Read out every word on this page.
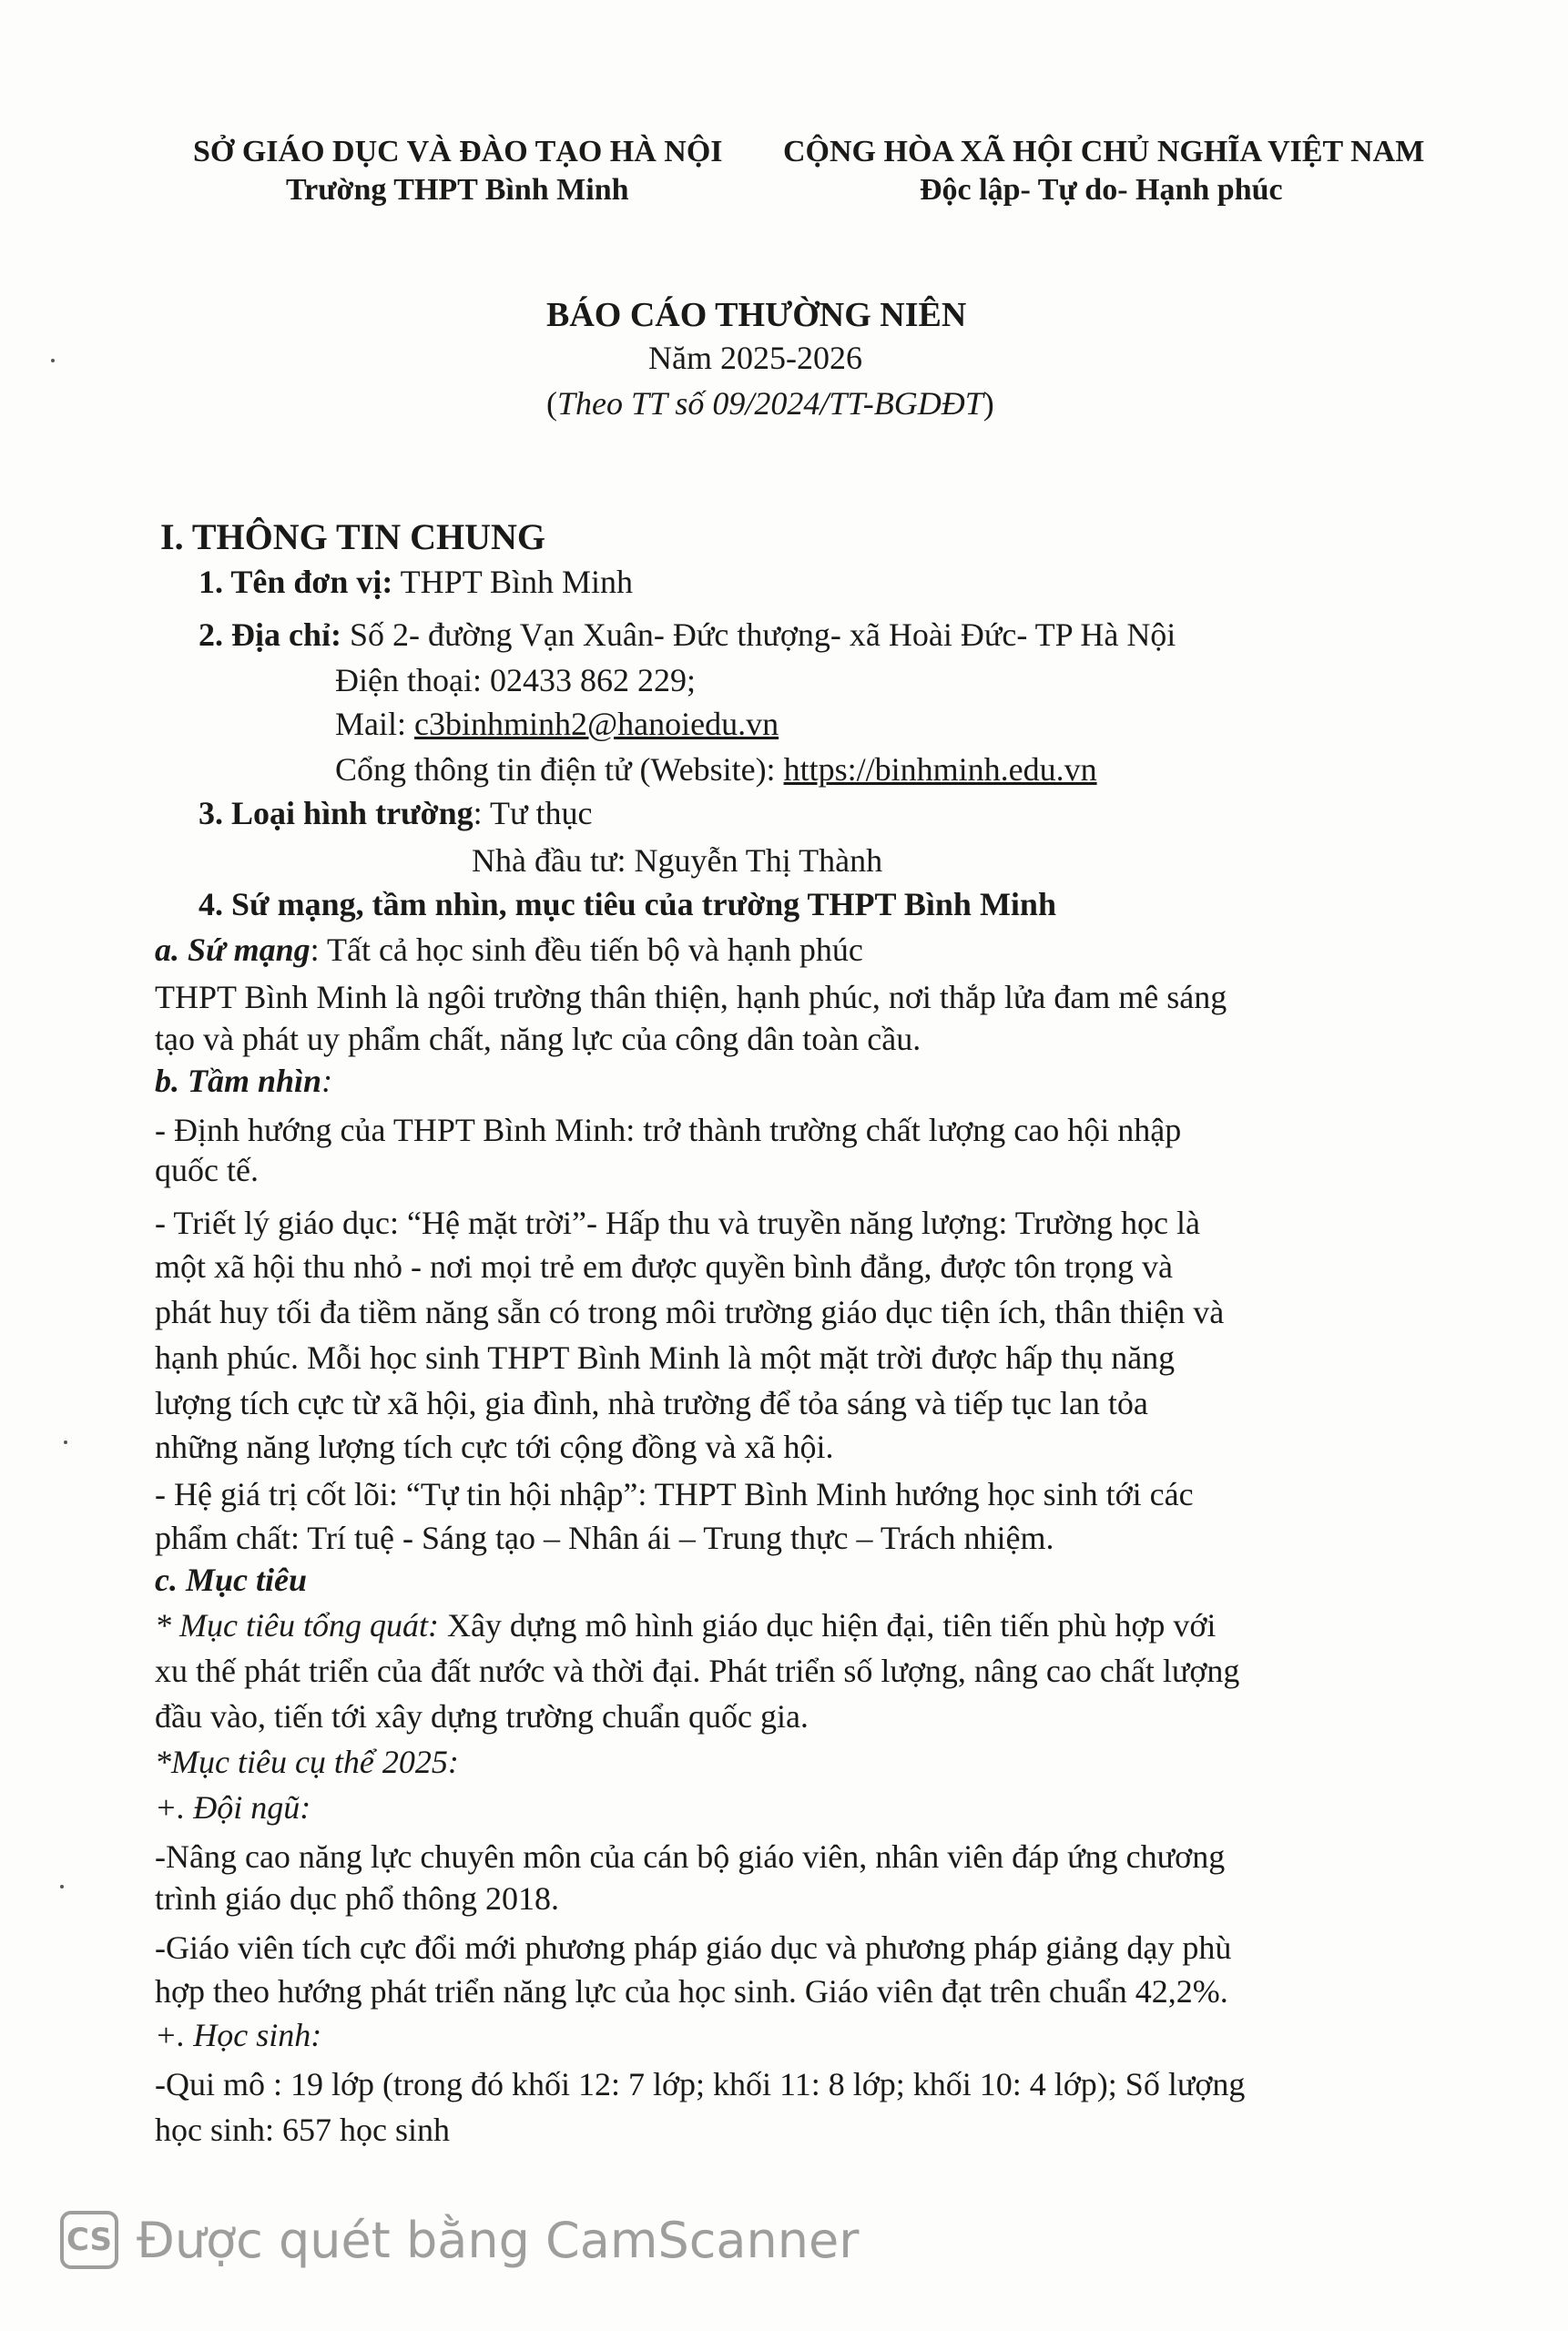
SỞ GIÁO DỤC VÀ ĐÀO TẠO HÀ NỘI
Trường THPT Bình Minh
CỘNG HÒA XÃ HỘI CHỦ NGHĨA VIỆT NAM
Độc lập- Tự do- Hạnh phúc
BÁO CÁO THƯỜNG NIÊN
Năm 2025-2026
(Theo TT số 09/2024/TT-BGDĐT)
I. THÔNG TIN CHUNG
1. Tên đơn vị: THPT Bình Minh
2. Địa chỉ: Số 2- đường Vạn Xuân- Đức thượng- xã Hoài Đức- TP Hà Nội
Điện thoại: 02433 862 229;
Mail: c3binhminh2@hanoiedu.vn
Cổng thông tin điện tử (Website): https://binhminh.edu.vn
3. Loại hình trường: Tư thục
Nhà đầu tư: Nguyễn Thị Thành
4. Sứ mạng, tầm nhìn, mục tiêu của trường THPT Bình Minh
a. Sứ mạng: Tất cả học sinh đều tiến bộ và hạnh phúc
THPT Bình Minh là ngôi trường thân thiện, hạnh phúc, nơi thắp lửa đam mê sáng
tạo và phát uy phẩm chất, năng lực của công dân toàn cầu.
b. Tầm nhìn:
- Định hướng của THPT Bình Minh: trở thành trường chất lượng cao hội nhập
quốc tế.
- Triết lý giáo dục: “Hệ mặt trời”- Hấp thu và truyền năng lượng: Trường học là
một xã hội thu nhỏ - nơi mọi trẻ em được quyền bình đẳng, được tôn trọng và
phát huy tối đa tiềm năng sẵn có trong môi trường giáo dục tiện ích, thân thiện và
hạnh phúc. Mỗi học sinh THPT Bình Minh là một mặt trời được hấp thụ năng
lượng tích cực từ xã hội, gia đình, nhà trường để tỏa sáng và tiếp tục lan tỏa
những năng lượng tích cực tới cộng đồng và xã hội.
- Hệ giá trị cốt lõi: “Tự tin hội nhập”: THPT Bình Minh hướng học sinh tới các
phẩm chất: Trí tuệ - Sáng tạo – Nhân ái – Trung thực – Trách nhiệm.
c. Mục tiêu
* Mục tiêu tổng quát: Xây dựng mô hình giáo dục hiện đại, tiên tiến phù hợp với
xu thế phát triển của đất nước và thời đại. Phát triển số lượng, nâng cao chất lượng
đầu vào, tiến tới xây dựng trường chuẩn quốc gia.
*Mục tiêu cụ thể 2025:
+. Đội ngũ:
-Nâng cao năng lực chuyên môn của cán bộ giáo viên, nhân viên đáp ứng chương
trình giáo dục phổ thông 2018.
-Giáo viên tích cực đổi mới phương pháp giáo dục và phương pháp giảng dạy phù
hợp theo hướng phát triển năng lực của học sinh. Giáo viên đạt trên chuẩn 42,2%.
+. Học sinh:
-Qui mô : 19 lớp (trong đó khối 12: 7 lớp; khối 11: 8 lớp; khối 10: 4 lớp); Số lượng
học sinh: 657 học sinh
CS Được quét bằng CamScanner
